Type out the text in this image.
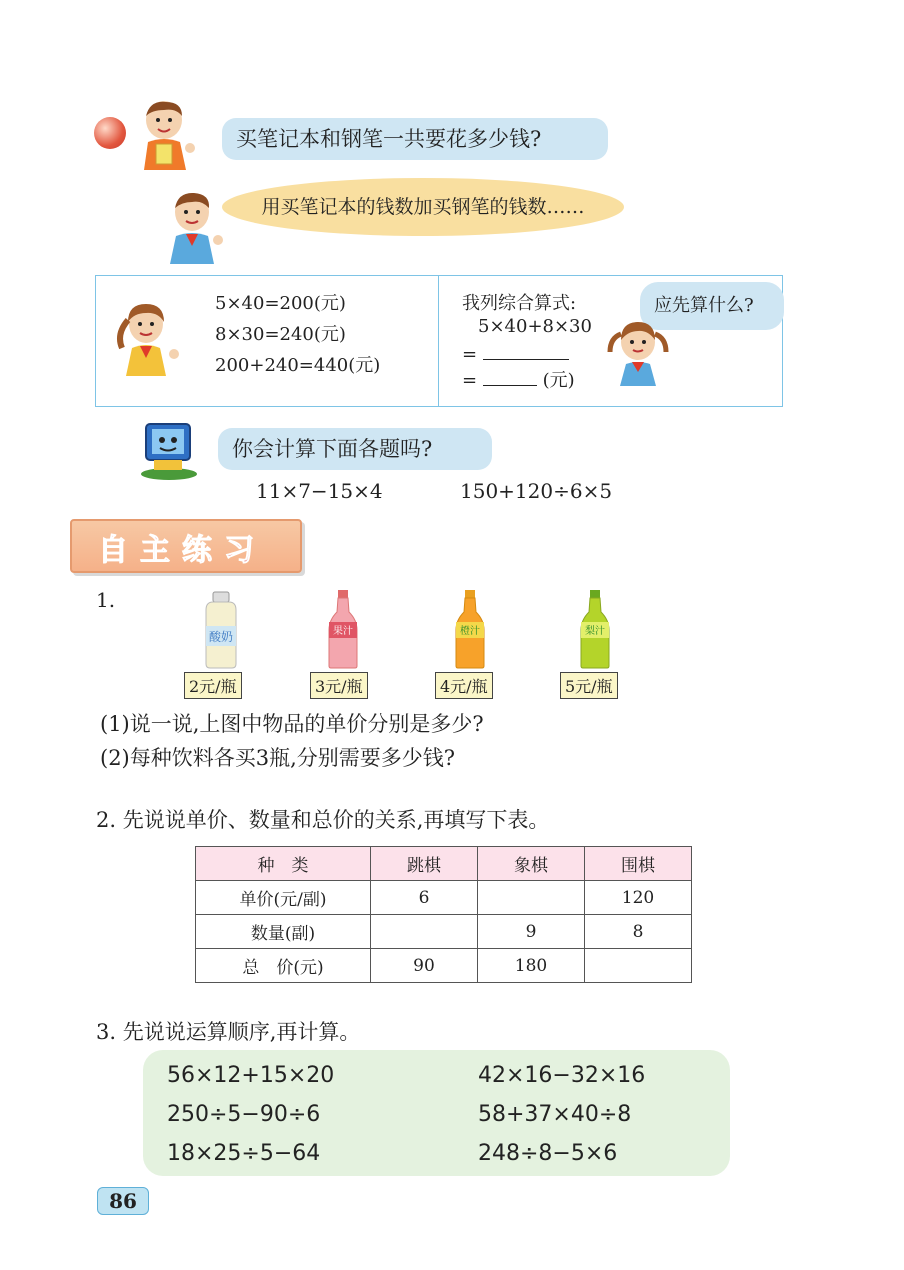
买笔记本和钢笔一共要花多少钱?
用买笔记本的钱数加买钢笔的钱数……
5×40=200(元)
8×30=240(元)
200+240=440(元)
我列综合算式:
5×40+8×30
=
=	(元)
应先算什么?
你会计算下面各题吗?
11×7−15×4	150+120÷6×5
自主练习
1.
酸奶	果汁	橙汁	梨汁
2元/瓶	3元/瓶	4元/瓶	5元/瓶
(1)说一说,上图中物品的单价分别是多少?
(2)每种饮料各买3瓶,分别需要多少钱?
2. 先说说单价、数量和总价的关系,再填写下表。
种　类	跳棋	象棋	围棋
单价(元/副)	6		120
数量(副)		9	8
总　价(元)	90	180	
3. 先说说运算顺序,再计算。
56×12+15×20
250÷5−90÷6
18×25÷5−64
42×16−32×16
58+37×40÷8
248÷8−5×6
86
